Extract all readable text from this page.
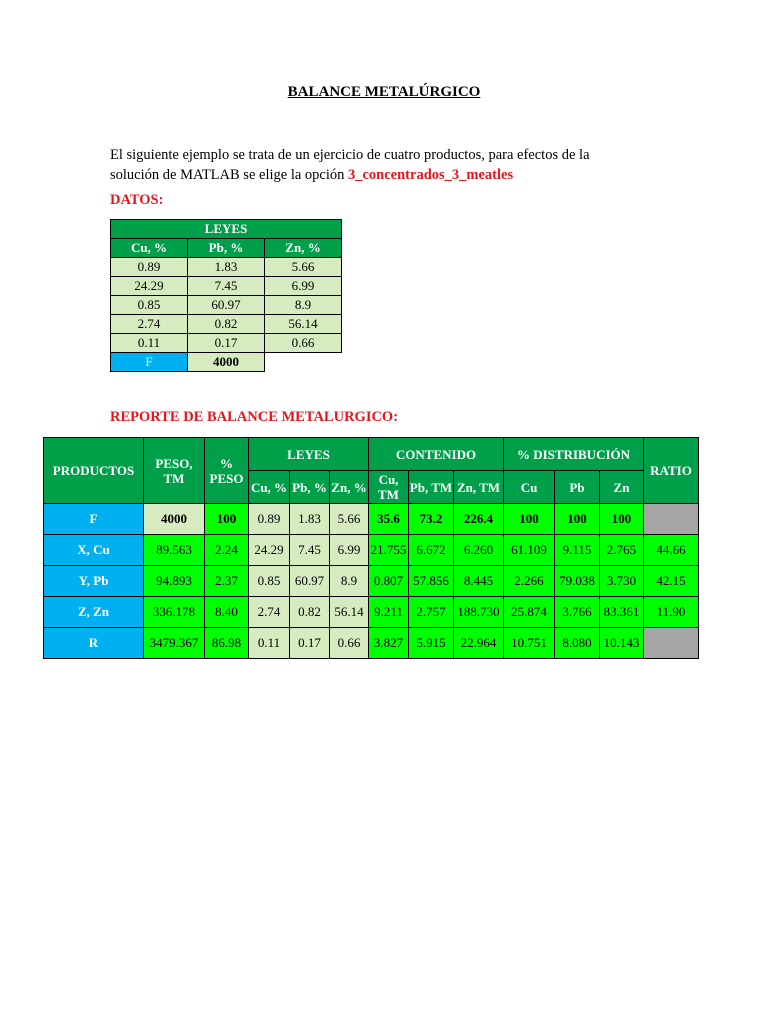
BALANCE METALÚRGICO
El siguiente ejemplo se trata de un ejercicio de cuatro productos, para efectos de la
solución de MATLAB se elige la opción 3_concentrados_3_meatles
DATOS:
LEYES		
Cu, %	Pb, %	Zn, %
0.89	1.83	5.66
24.29	7.45	6.99
0.85	60.97	8.9
2.74	0.82	56.14
0.11	0.17	0.66
F	4000	
REPORTE DE BALANCE METALURGICO:
PRODUCTOS	PESO, TM	% PESO	LEYES			CONTENIDO			% DISTRIBUCIÓN			RATIO
			Cu, %	Pb, %	Zn, %	Cu, TM	Pb, TM	Zn, TM	Cu	Pb	Zn	
F	4000	100	0.89	1.83	5.66	35.6	73.2	226.4	100	100	100	
X, Cu	89.563	2.24	24.29	7.45	6.99	21.755	6.672	6.260	61.109	9.115	2.765	44.66
Y, Pb	94.893	2.37	0.85	60.97	8.9	0.807	57.856	8.445	2.266	79.038	3.730	42.15
Z, Zn	336.178	8.40	2.74	0.82	56.14	9.211	2.757	188.730	25.874	3.766	83.361	11.90
R	3479.367	86.98	0.11	0.17	0.66	3.827	5.915	22.964	10.751	8.080	10.143	
